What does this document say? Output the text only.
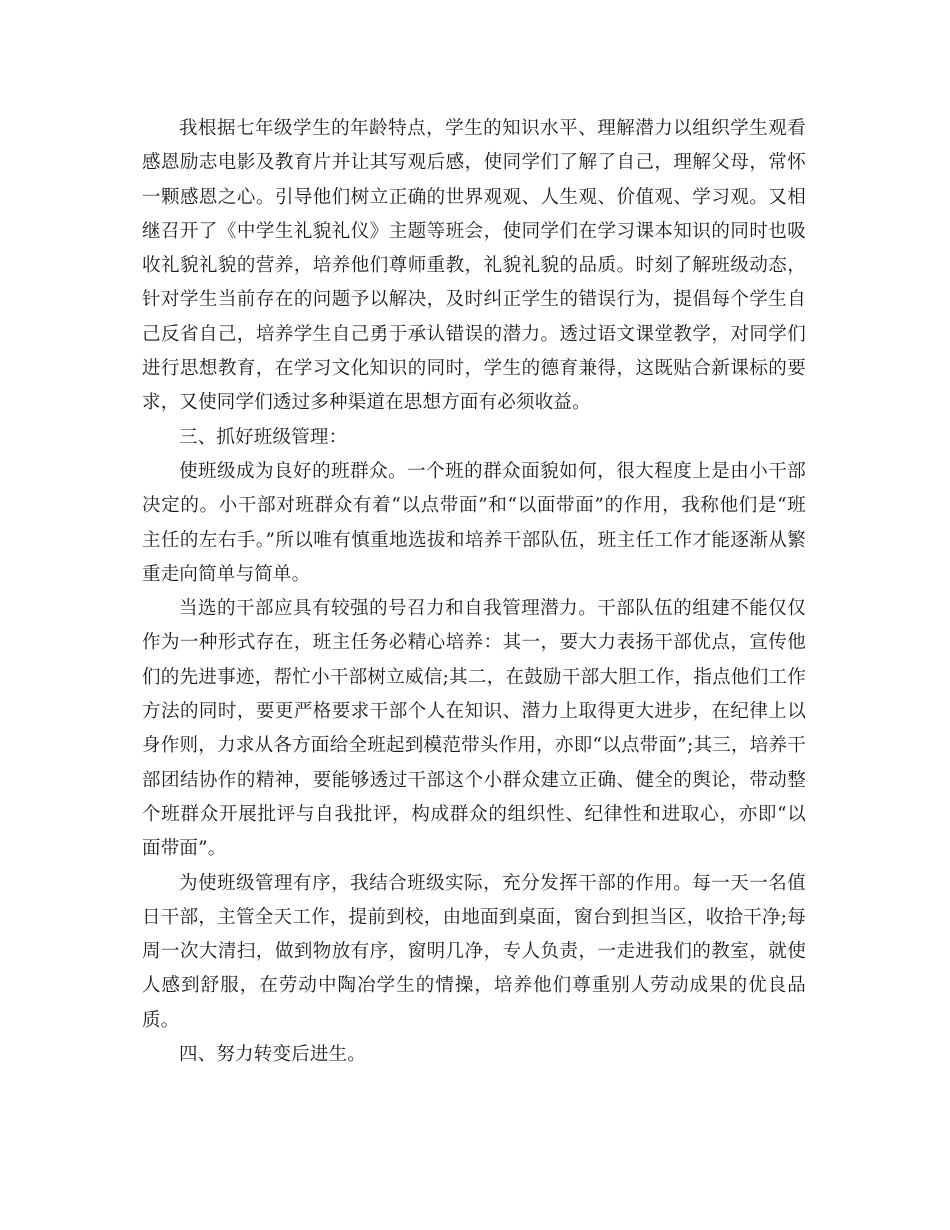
我根据七年级学生的年龄特点，学生的知识水平、理解潜力以组织学生观看感恩励志电影及教育片并让其写观后感，使同学们了解了自己，理解父母，常怀一颗感恩之心。引导他们树立正确的世界观观、人生观、价值观、学习观。又相继召开了《中学生礼貌礼仪》主题等班会，使同学们在学习课本知识的同时也吸收礼貌礼貌的营养，培养他们尊师重教，礼貌礼貌的品质。时刻了解班级动态，针对学生当前存在的问题予以解决，及时纠正学生的错误行为，提倡每个学生自己反省自己，培养学生自己勇于承认错误的潜力。透过语文课堂教学，对同学们进行思想教育，在学习文化知识的同时，学生的德育兼得，这既贴合新课标的要求，又使同学们透过多种渠道在思想方面有必须收益。

三、抓好班级管理：

使班级成为良好的班群众。一个班的群众面貌如何，很大程度上是由小干部决定的。小干部对班群众有着“以点带面”和“以面带面”的作用，我称他们是“班主任的左右手。”所以唯有慎重地选拔和培养干部队伍，班主任工作才能逐渐从繁重走向简单与简单。

当选的干部应具有较强的号召力和自我管理潜力。干部队伍的组建不能仅仅作为一种形式存在，班主任务必精心培养：其一，要大力表扬干部优点，宣传他们的先进事迹，帮忙小干部树立威信;其二，在鼓励干部大胆工作，指点他们工作方法的同时，要更严格要求干部个人在知识、潜力上取得更大进步，在纪律上以身作则，力求从各方面给全班起到模范带头作用，亦即“以点带面”;其三，培养干部团结协作的精神，要能够透过干部这个小群众建立正确、健全的舆论，带动整个班群众开展批评与自我批评，构成群众的组织性、纪律性和进取心，亦即“以面带面”。

为使班级管理有序，我结合班级实际，充分发挥干部的作用。每一天一名值日干部，主管全天工作，提前到校，由地面到桌面，窗台到担当区，收拾干净;每周一次大清扫，做到物放有序，窗明几净，专人负责，一走进我们的教室，就使人感到舒服，在劳动中陶冶学生的情操，培养他们尊重别人劳动成果的优良品质。

四、努力转变后进生。
